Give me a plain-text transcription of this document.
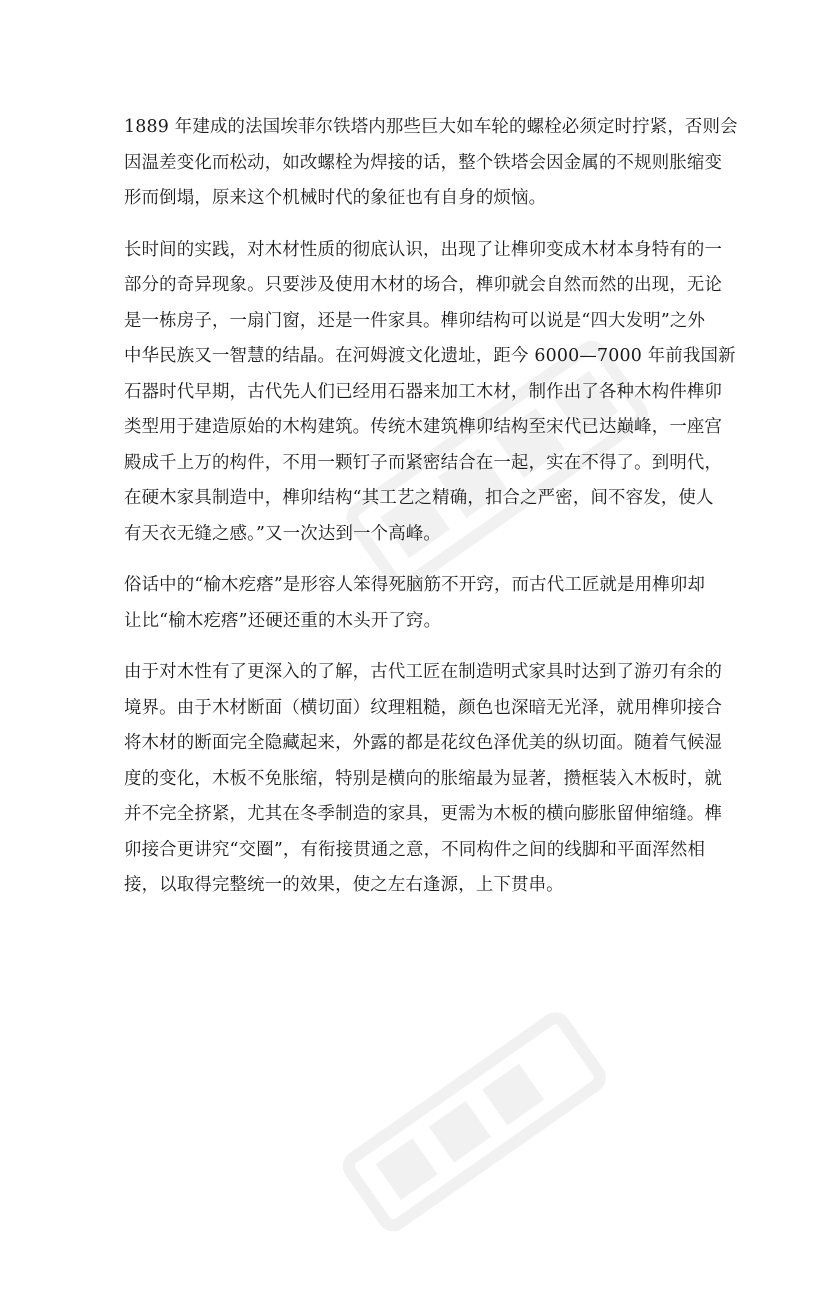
1889 年建成的法国埃菲尔铁塔内那些巨大如车轮的螺栓必须定时拧紧，否则会
因温差变化而松动，如改螺栓为焊接的话，整个铁塔会因金属的不规则胀缩变
形而倒塌，原来这个机械时代的象征也有自身的烦恼。

长时间的实践，对木材性质的彻底认识，出现了让榫卯变成木材本身特有的一
部分的奇异现象。只要涉及使用木材的场合，榫卯就会自然而然的出现，无论
是一栋房子，一扇门窗，还是一件家具。榫卯结构可以说是“四大发明”之外
中华民族又一智慧的结晶。在河姆渡文化遗址，距今 6000—7000 年前我国新
石器时代早期，古代先人们已经用石器来加工木材，制作出了各种木构件榫卯
类型用于建造原始的木构建筑。传统木建筑榫卯结构至宋代已达巅峰，一座宫
殿成千上万的构件，不用一颗钉子而紧密结合在一起，实在不得了。到明代，
在硬木家具制造中，榫卯结构“其工艺之精确，扣合之严密，间不容发，使人
有天衣无缝之感。”又一次达到一个高峰。

俗话中的“榆木疙瘩”是形容人笨得死脑筋不开窍，而古代工匠就是用榫卯却
让比“榆木疙瘩”还硬还重的木头开了窍。

由于对木性有了更深入的了解，古代工匠在制造明式家具时达到了游刃有余的
境界。由于木材断面（横切面）纹理粗糙，颜色也深暗无光泽，就用榫卯接合
将木材的断面完全隐藏起来，外露的都是花纹色泽优美的纵切面。随着气候湿
度的变化，木板不免胀缩，特别是横向的胀缩最为显著，攒框装入木板时，就
并不完全挤紧，尤其在冬季制造的家具，更需为木板的横向膨胀留伸缩缝。榫
卯接合更讲究“交圈”，有衔接贯通之意，不同构件之间的线脚和平面浑然相
接，以取得完整统一的效果，使之左右逢源，上下贯串。
